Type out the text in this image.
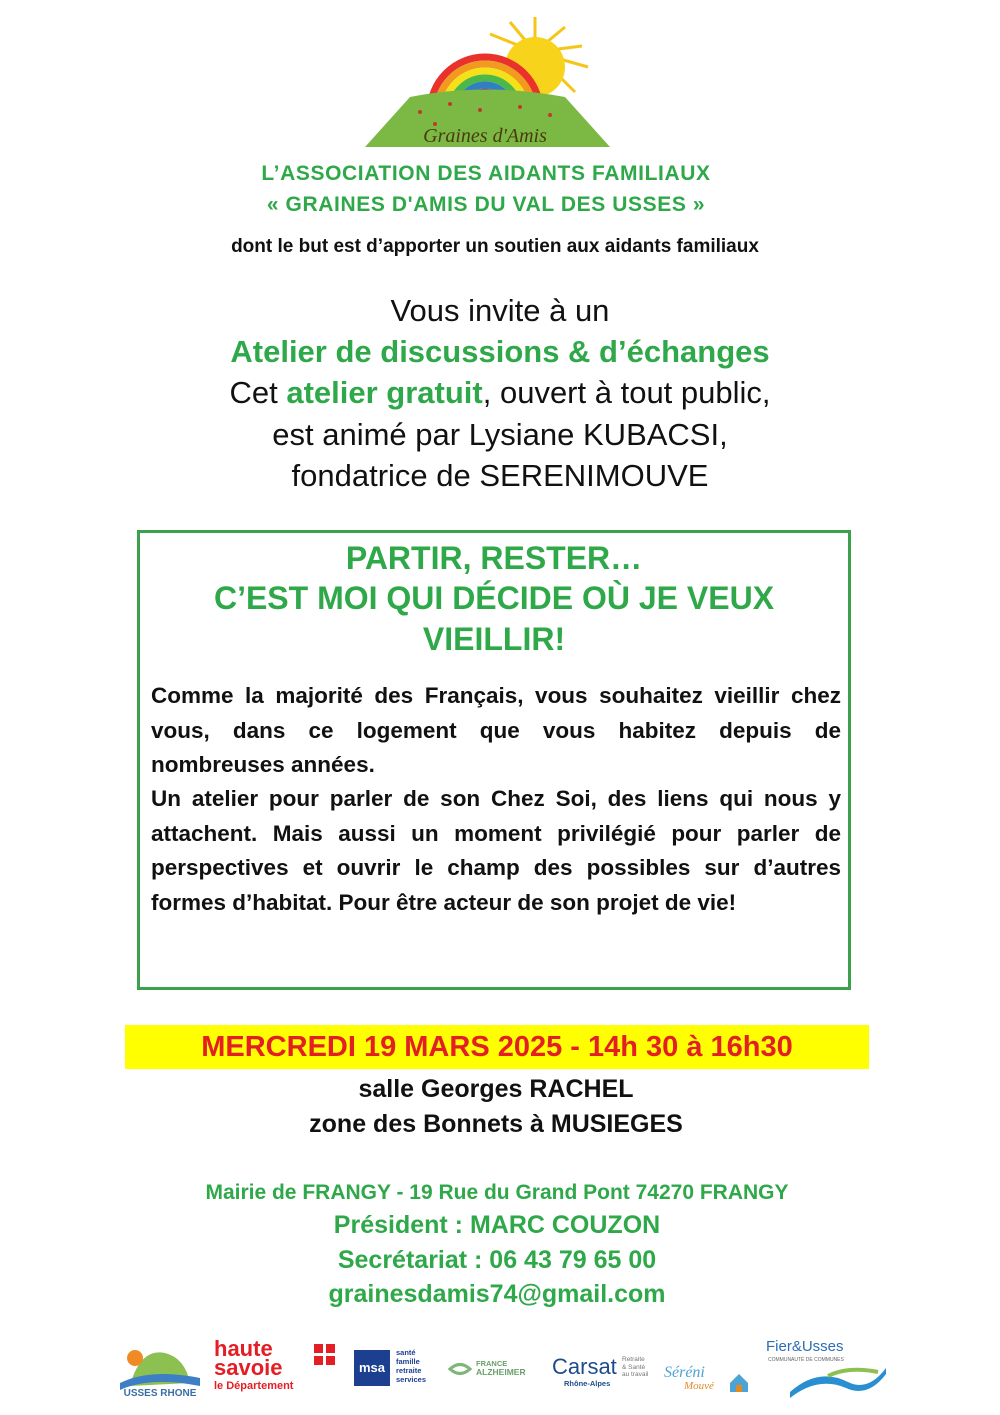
Graines d'Amis
L’ASSOCIATION DES AIDANTS FAMILIAUX
« GRAINES D'AMIS DU VAL DES USSES »
dont le but est d’apporter un soutien aux aidants familiaux
Vous invite à un
Atelier de discussions & d’échanges
Cet atelier gratuit, ouvert à tout public,
est animé par Lysiane KUBACSI,
fondatrice de SERENIMOUVE
PARTIR, RESTER…
C’EST MOI QUI DÉCIDE OÙ JE VEUX
VIEILLIR!
Comme la majorité des Français, vous souhaitez vieillir chez vous, dans ce logement que vous habitez depuis de nombreuses années.
Un atelier pour parler de son Chez Soi, des liens qui nous y attachent. Mais aussi un moment privilégié pour parler de perspectives et ouvrir le champ des possibles sur d’autres formes d’habitat. Pour être acteur de son projet de vie!
MERCREDI 19 MARS 2025 - 14h 30 à 16h30
salle Georges RACHEL
zone des Bonnets à MUSIEGES
Mairie de FRANGY - 19 Rue du Grand Pont 74270 FRANGY
Président : MARC COUZON
Secrétariat : 06 43 79 65 00
grainesdamis74@gmail.com
USSES RHONE
haute
savoie
le Département
msa
santé
famille
retraite
services
FRANCE
ALZHEIMER Carsat
Rhône-Alpes
Retraite
& Santé
au travail Séréni
Mouvé
Fier&Usses
COMMUNAUTÉ DE COMMUNES
